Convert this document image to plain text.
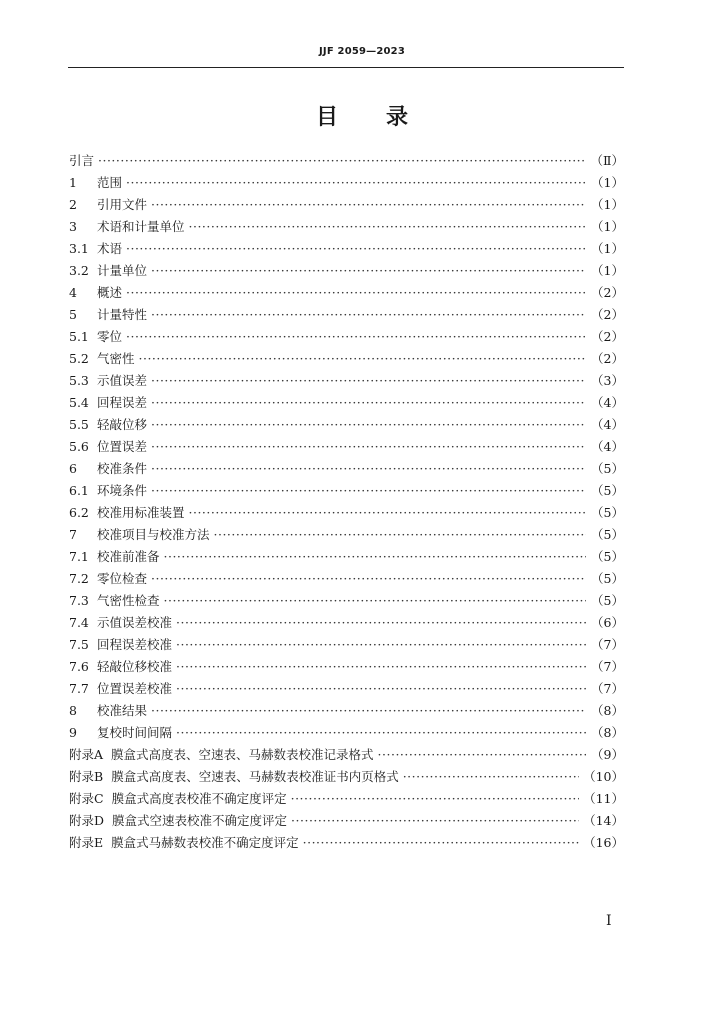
JJF 2059—2023
目录
引言 ·····	（Ⅱ）
1	范围 ·····	（1）
2	引用文件 ·····	（1）
3	术语和计量单位 ·····	（1）
3.1 术语 ·····	（1）
3.2 计量单位 ·····	（1）
4	概述 ·····	（2）
5	计量特性 ·····	（2）
5.1 零位 ·····	（2）
5.2 气密性 ·····	（2）
5.3 示值误差 ·····	（3）
5.4 回程误差 ·····	（4）
5.5 轻敲位移 ·····	（4）
5.6 位置误差 ·····	（4）
6	校准条件 ·····	（5）
6.1 环境条件 ·····	（5）
6.2 校准用标准装置 ·····	（5）
7	校准项目与校准方法 ·····	（5）
7.1 校准前准备 ·····	（5）
7.2 零位检查 ·····	（5）
7.3 气密性检查 ·····	（5）
7.4 示值误差校准 ·····	（6）
7.5 回程误差校准 ·····	（7）
7.6 轻敲位移校准 ·····	（7）
7.7 位置误差校准 ·····	（7）
8	校准结果 ·····	（8）
9	复校时间间隔 ·····	（8）
附录A 膜盒式高度表、空速表、马赫数表校准记录格式 ·····	（9）
附录B 膜盒式高度表、空速表、马赫数表校准证书内页格式 ·····	（10）
附录C 膜盒式高度表校准不确定度评定 ·····	（11）
附录D 膜盒式空速表校准不确定度评定 ·····	（14）
附录E 膜盒式马赫数表校准不确定度评定 ·····	（16）
Ⅰ
